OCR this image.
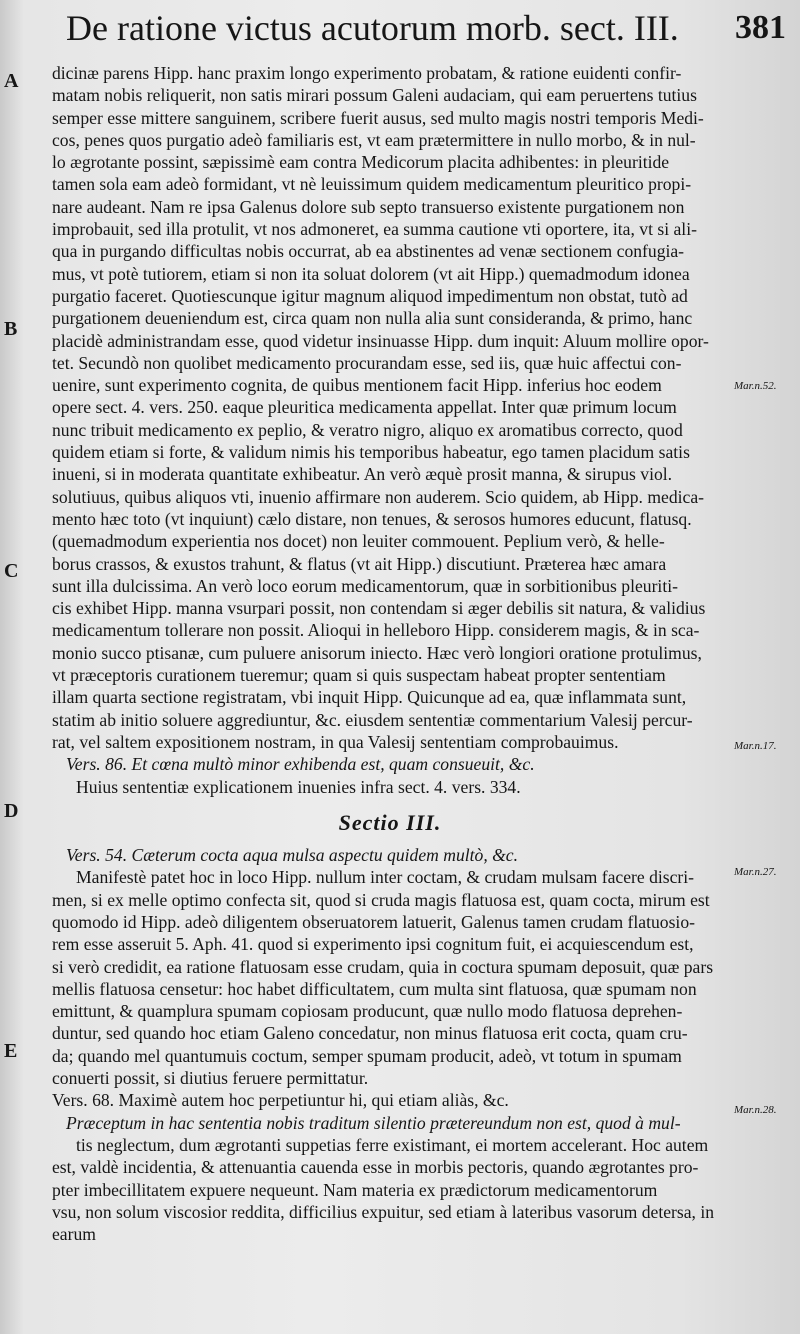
De ratione victus acutorum morb. sect. III. 381
A
B
C
D
E
Mar.n.52.
Mar.n.17.
Mar.n.27.
Mar.n.28.

dicinæ parens Hipp. hanc praxim longo experimento probatam, & ratione euidenti confir-
matam nobis reliquerit, non satis mirari possum Galeni audaciam, qui eam peruertens tutius
semper esse mittere sanguinem, scribere fuerit ausus, sed multo magis nostri temporis Medi-
cos, penes quos purgatio adeò familiaris est, vt eam prætermittere in nullo morbo, & in nul-
lo ægrotante possint, sæpissimè eam contra Medicorum placita adhibentes: in pleuritide
tamen sola eam adeò formidant, vt nè leuissimum quidem medicamentum pleuritico propi-
nare audeant. Nam re ipsa Galenus dolore sub septo transuerso existente purgationem non
improbauit, sed illa protulit, vt nos admoneret, ea summa cautione vti oportere, ita, vt si ali-
qua in purgando difficultas nobis occurrat, ab ea abstinentes ad venæ sectionem confugia-
mus, vt potè tutiorem, etiam si non ita soluat dolorem (vt ait Hipp.) quemadmodum idonea
purgatio faceret. Quotiescunque igitur magnum aliquod impedimentum non obstat, tutò ad
purgationem deueniendum est, circa quam non nulla alia sunt consideranda, & primo, hanc
placidè administrandam esse, quod videtur insinuasse Hipp. dum inquit: Aluum mollire opor-
tet. Secundò non quolibet medicamento procurandam esse, sed iis, quæ huic affectui con-
uenire, sunt experimento cognita, de quibus mentionem facit Hipp. inferius hoc eodem
opere sect. 4. vers. 250. eaque pleuritica medicamenta appellat. Inter quæ primum locum
nunc tribuit medicamento ex peplio, & veratro nigro, aliquo ex aromatibus correcto, quod
quidem etiam si forte, & validum nimis his temporibus habeatur, ego tamen placidum satis
inueni, si in moderata quantitate exhibeatur. An verò æquè prosit manna, & sirupus viol.
solutiuus, quibus aliquos vti, inuenio affirmare non auderem. Scio quidem, ab Hipp. medica-
mento hæc toto (vt inquiunt) cælo distare, non tenues, & serosos humores educunt, flatusq.
(quemadmodum experientia nos docet) non leuiter commouent. Peplium verò, & helle-
borus crassos, & exustos trahunt, & flatus (vt ait Hipp.) discutiunt. Præterea hæc amara
sunt illa dulcissima. An verò loco eorum medicamentorum, quæ in sorbitionibus pleuriti-
cis exhibet Hipp. manna vsurpari possit, non contendam si æger debilis sit natura, & validius
medicamentum tollerare non possit. Alioqui in helleboro Hipp. considerem magis, & in sca-
monio succo ptisanæ, cum puluere anisorum iniecto. Hæc verò longiori oratione protulimus,
vt præceptoris curationem tueremur; quam si quis suspectam habeat propter sententiam
illam quarta sectione registratam, vbi inquit Hipp. Quicunque ad ea, quæ inflammata sunt,
statim ab initio soluere aggrediuntur, &c. eiusdem sententiæ commentarium Valesij percur-
rat, vel saltem expositionem nostram, in qua Valesij sententiam comprobauimus.

Vers. 86. Et cœna multò minor exhibenda est, quam consueuit, &c.
Huius sententiæ explicationem inuenies infra sect. 4. vers. 334.

Sectio III.

Vers. 54. Cæterum cocta aqua mulsa aspectu quidem multò, &c.
Manifestè patet hoc in loco Hipp. nullum inter coctam, & crudam mulsam facere discri-
men, si ex melle optimo confecta sit, quod si cruda magis flatuosa est, quam cocta, mirum est
quomodo id Hipp. adeò diligentem obseruatorem latuerit, Galenus tamen crudam flatuosio-
rem esse asseruit 5. Aph. 41. quod si experimento ipsi cognitum fuit, ei acquiescendum est,
si verò credidit, ea ratione flatuosam esse crudam, quia in coctura spumam deposuit, quæ pars
mellis flatuosa censetur: hoc habet difficultatem, cum multa sint flatuosa, quæ spumam non
emittunt, & quamplura spumam copiosam producunt, quæ nullo modo flatuosa deprehen-
duntur, sed quando hoc etiam Galeno concedatur, non minus flatuosa erit cocta, quam cru-
da; quando mel quantumuis coctum, semper spumam producit, adeò, vt totum in spumam
conuerti possit, si diutius feruere permittatur.
Vers. 68. Maximè autem hoc perpetiuntur hi, qui etiam aliàs, &c.

Præceptum in hac sententia nobis traditum silentio prætereundum non est, quod à mul-
tis neglectum, dum ægrotanti suppetias ferre existimant, ei mortem accelerant. Hoc autem
est, valdè incidentia, & attenuantia cauenda esse in morbis pectoris, quando ægrotantes pro-
pter imbecillitatem expuere nequeunt. Nam materia ex prædictorum medicamentorum
vsu, non solum viscosior reddita, difficilius expuitur, sed etiam à lateribus vasorum detersa, in
earum
